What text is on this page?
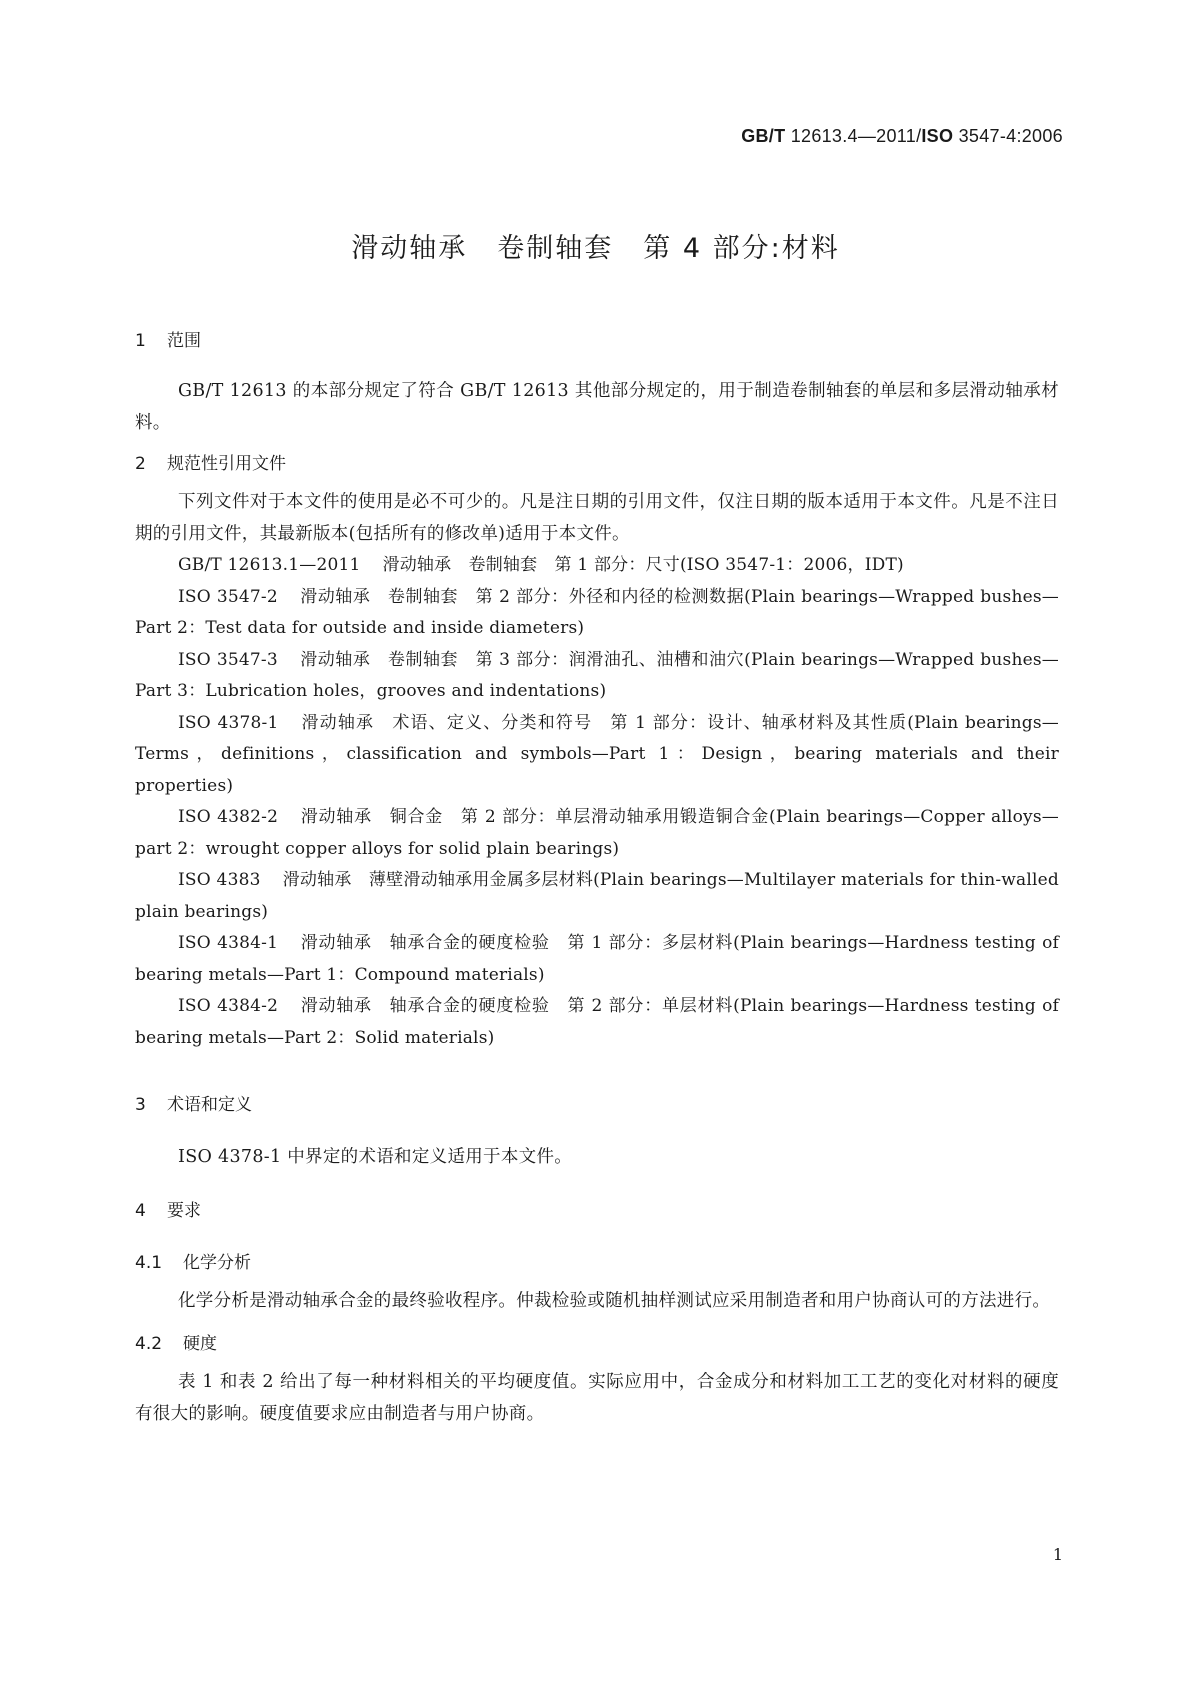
GB/T 12613.4—2011/ISO 3547-4:2006
滑动轴承 卷制轴套 第 4 部分:材料
1 范围
GB/T 12613 的本部分规定了符合 GB/T 12613 其他部分规定的，用于制造卷制轴套的单层和多层滑动轴承材料。
2 规范性引用文件
下列文件对于本文件的使用是必不可少的。凡是注日期的引用文件，仅注日期的版本适用于本文件。凡是不注日期的引用文件，其最新版本(包括所有的修改单)适用于本文件。
GB/T 12613.1—2011 滑动轴承　卷制轴套　第 1 部分：尺寸(ISO 3547-1：2006，IDT)
ISO 3547-2 滑动轴承　卷制轴套　第 2 部分：外径和内径的检测数据(Plain bearings—Wrapped bushes—Part 2：Test data for outside and inside diameters)
ISO 3547-3 滑动轴承　卷制轴套　第 3 部分：润滑油孔、油槽和油穴(Plain bearings—Wrapped bushes—Part 3：Lubrication holes，grooves and indentations)
ISO 4378-1 滑动轴承　术语、定义、分类和符号　第 1 部分：设计、轴承材料及其性质(Plain bearings—Terms，definitions，classification and symbols—Part 1：Design，bearing materials and their properties)
ISO 4382-2 滑动轴承　铜合金　第 2 部分：单层滑动轴承用锻造铜合金(Plain bearings—Copper alloys—part 2：wrought copper alloys for solid plain bearings)
ISO 4383 滑动轴承　薄壁滑动轴承用金属多层材料(Plain bearings—Multilayer materials for thin-walled plain bearings)
ISO 4384-1 滑动轴承　轴承合金的硬度检验　第 1 部分：多层材料(Plain bearings—Hardness testing of bearing metals—Part 1：Compound materials)
ISO 4384-2 滑动轴承　轴承合金的硬度检验　第 2 部分：单层材料(Plain bearings—Hardness testing of bearing metals—Part 2：Solid materials)
3 术语和定义
ISO 4378-1 中界定的术语和定义适用于本文件。
4 要求
4.1 化学分析
化学分析是滑动轴承合金的最终验收程序。仲裁检验或随机抽样测试应采用制造者和用户协商认可的方法进行。
4.2 硬度
表 1 和表 2 给出了每一种材料相关的平均硬度值。实际应用中，合金成分和材料加工工艺的变化对材料的硬度有很大的影响。硬度值要求应由制造者与用户协商。
1
